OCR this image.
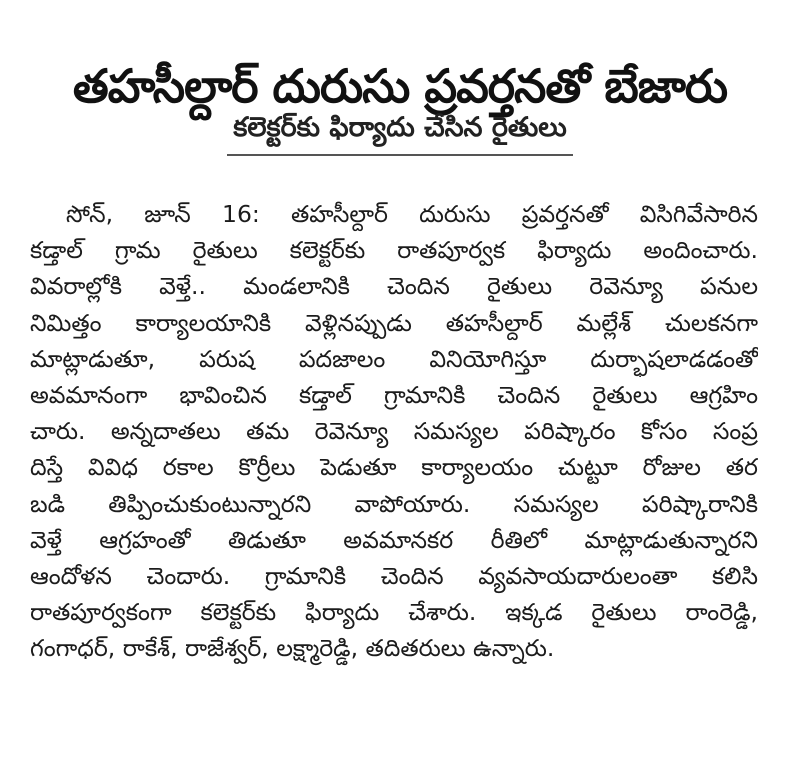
తహసీల్దార్ దురుసు ప్రవర్తనతో బేజారు
కలెక్టర్‌కు ఫిర్యాదు చేసిన రైతులు
సోన్, జూన్ 16: తహసీల్దార్ దురుసు ప్రవర్తనతో విసిగివేసారిన
కడ్తాల్ గ్రామ రైతులు కలెక్టర్‌కు రాతపూర్వక ఫిర్యాదు అందించారు.
వివరాల్లోకి వెళ్తే.. మండలానికి చెందిన రైతులు రెవెన్యూ పనుల
నిమిత్తం కార్యాలయానికి వెళ్లినప్పుడు తహసీల్దార్ మల్లేశ్ చులకనగా
మాట్లాడుతూ, పరుష పదజాలం వినియోగిస్తూ దుర్భాషలాడడంతో
అవమానంగా భావించిన కడ్తాల్ గ్రామానికి చెందిన రైతులు ఆగ్రహిం
చారు. అన్నదాతలు తమ రెవెన్యూ సమస్యల పరిష్కారం కోసం సంప్ర
దిస్తే వివిధ రకాల కొర్రీలు పెడుతూ కార్యాలయం చుట్టూ రోజుల తర
బడి తిప్పించుకుంటున్నారని వాపోయారు. సమస్యల పరిష్కారానికి
వెళ్తే ఆగ్రహంతో తిడుతూ అవమానకర రీతిలో మాట్లాడుతున్నారని
ఆందోళన చెందారు. గ్రామానికి చెందిన వ్యవసాయదారులంతా కలిసి
రాతపూర్వకంగా కలెక్టర్‌కు ఫిర్యాదు చేశారు. ఇక్కడ రైతులు రాంరెడ్డి,
గంగాధర్, రాకేశ్, రాజేశ్వర్, లక్ష్మారెడ్డి, తదితరులు ఉన్నారు.
